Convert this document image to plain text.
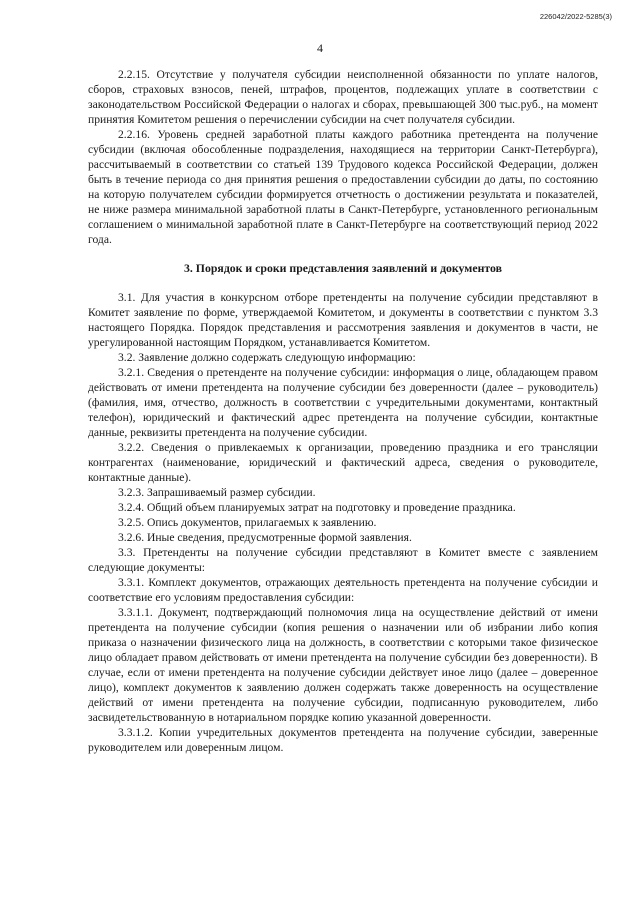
226042/2022-5285(3)
4

2.2.15. Отсутствие у получателя субсидии неисполненной обязанности по уплате налогов, сборов, страховых взносов, пеней, штрафов, процентов, подлежащих уплате в соответствии с законодательством Российской Федерации о налогах и сборах, превышающей 300 тыс.руб., на момент принятия Комитетом решения о перечислении субсидии на счет получателя субсидии.

2.2.16. Уровень средней заработной платы каждого работника претендента на получение субсидии (включая обособленные подразделения, находящиеся на территории Санкт-Петербурга), рассчитываемый в соответствии со статьей 139 Трудового кодекса Российской Федерации, должен быть в течение периода со дня принятия решения о предоставлении субсидии до даты, по состоянию на которую получателем субсидии формируется отчетность о достижении результата и показателей, не ниже размера минимальной заработной платы в Санкт-Петербурге, установленного региональным соглашением о минимальной заработной плате в Санкт-Петербурге на соответствующий период 2022 года.

3. Порядок и сроки представления заявлений и документов

3.1. Для участия в конкурсном отборе претенденты на получение субсидии представляют в Комитет заявление по форме, утверждаемой Комитетом, и документы в соответствии с пунктом 3.3 настоящего Порядка. Порядок представления и рассмотрения заявления и документов в части, не урегулированной настоящим Порядком, устанавливается Комитетом.

3.2. Заявление должно содержать следующую информацию:

3.2.1. Сведения о претенденте на получение субсидии: информация о лице, обладающем правом действовать от имени претендента на получение субсидии без доверенности (далее – руководитель) (фамилия, имя, отчество, должность в соответствии с учредительными документами, контактный телефон), юридический и фактический адрес претендента на получение субсидии, контактные данные, реквизиты претендента на получение субсидии.

3.2.2. Сведения о привлекаемых к организации, проведению праздника и его трансляции контрагентах (наименование, юридический и фактический адреса, сведения о руководителе, контактные данные).

3.2.3. Запрашиваемый размер субсидии.

3.2.4. Общий объем планируемых затрат на подготовку и проведение праздника.

3.2.5. Опись документов, прилагаемых к заявлению.

3.2.6. Иные сведения, предусмотренные формой заявления.

3.3. Претенденты на получение субсидии представляют в Комитет вместе с заявлением следующие документы:

3.3.1. Комплект документов, отражающих деятельность претендента на получение субсидии и соответствие его условиям предоставления субсидии:

3.3.1.1. Документ, подтверждающий полномочия лица на осуществление действий от имени претендента на получение субсидии (копия решения о назначении или об избрании либо копия приказа о назначении физического лица на должность, в соответствии с которыми такое физическое лицо обладает правом действовать от имени претендента на получение субсидии без доверенности). В случае, если от имени претендента на получение субсидии действует иное лицо (далее – доверенное лицо), комплект документов к заявлению должен содержать также доверенность на осуществление действий от имени претендента на получение субсидии, подписанную руководителем, либо засвидетельствованную в нотариальном порядке копию указанной доверенности.

3.3.1.2. Копии учредительных документов претендента на получение субсидии, заверенные руководителем или доверенным лицом.
